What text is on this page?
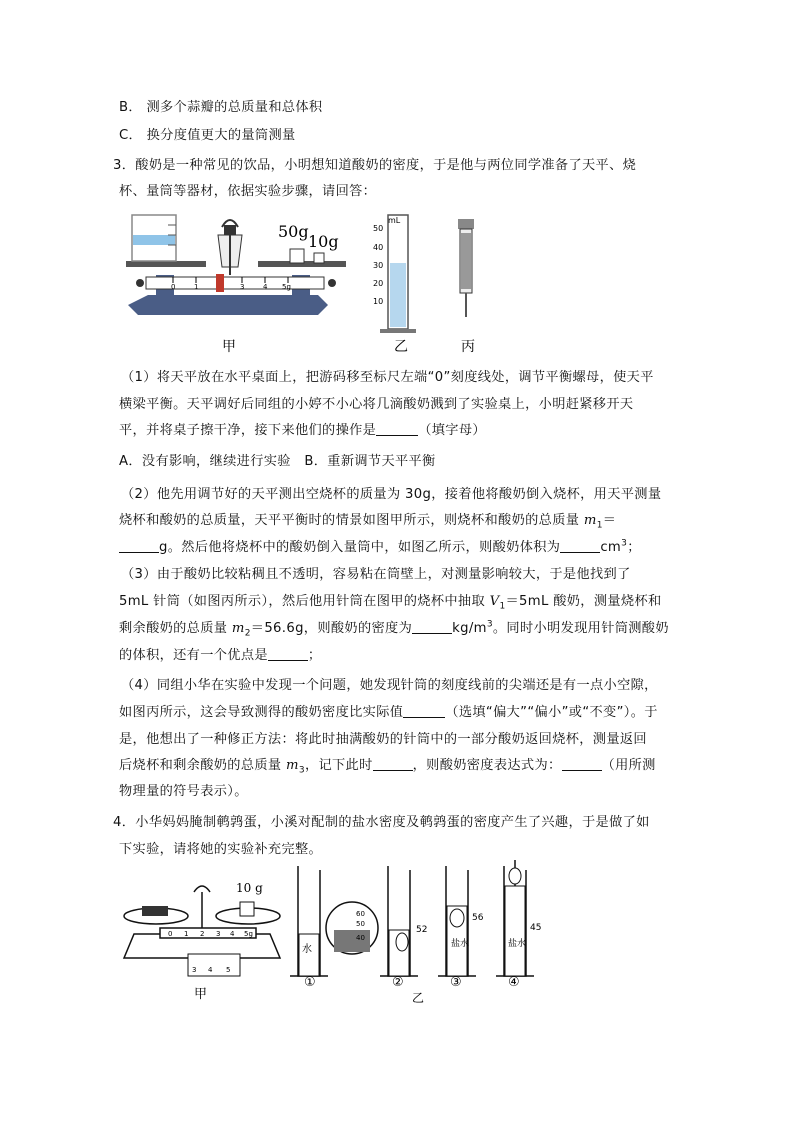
B． 测多个蒜瓣的总质量和总体积
C． 换分度值更大的量筒测量
3．酸奶是一种常见的饮品，小明想知道酸奶的密度，于是他与两位同学准备了天平、烧
杯、量筒等器材，依据实验步骤，请回答：
0	1	3	4 5g
50g
10g
mL
50
40
30
20
10
甲	乙	丙
（1）将天平放在水平桌面上，把游码移至标尺左端“0”刻度线处，调节平衡螺母，使天平
横梁平衡。天平调好后同组的小婷不小心将几滴酸奶溅到了实验桌上，小明赶紧移开天
平，并将桌子擦干净，接下来他们的操作是	（填字母）
A．没有影响，继续进行实验　B．重新调节天平平衡
（2）他先用调节好的天平测出空烧杯的质量为 30g，接着他将酸奶倒入烧杯，用天平测量
烧杯和酸奶的总质量，天平平衡时的情景如图甲所示，则烧杯和酸奶的总质量 $m_1=$
g。然后他将烧杯中的酸奶倒入量筒中，如图乙所示，则酸奶体积为	$cm^3$；
（3）由于酸奶比较粘稠且不透明，容易粘在筒壁上，对测量影响较大，于是他找到了
5mL 针筒（如图丙所示），然后他用针筒在图甲的烧杯中抽取 $V_1=5mL$ 酸奶，测量烧杯和
剩余酸奶的总质量 $m_2=56.6g$，则酸奶的密度为	$kg/m^3$。同时小明发现用针筒测酸奶
的体积，还有一个优点是	；
（4）同组小华在实验中发现一个问题，她发现针筒的刻度线前的尖端还是有一点小空隙，
如图丙所示，这会导致测得的酸奶密度比实际值	（选填“偏大”“偏小”或“不变”）。于
是，他想出了一种修正方法：将此时抽满酸奶的针筒中的一部分酸奶返回烧杯，测量返回
后烧杯和剩余酸奶的总质量 $m_3$，记下此时	，则酸奶密度表达式为：	（用所测
物理量的符号表示）。
4．小华妈妈腌制鹌鹑蛋，小溪对配制的盐水密度及鹌鹑蛋的密度产生了兴趣，于是做了如
下实验，请将她的实验补充完整。
10 g
0 1 2 3 4 5g
3 4 5
甲
水
60
50
40
52
盐水
56
盐水
45
①	②	③	④
乙
